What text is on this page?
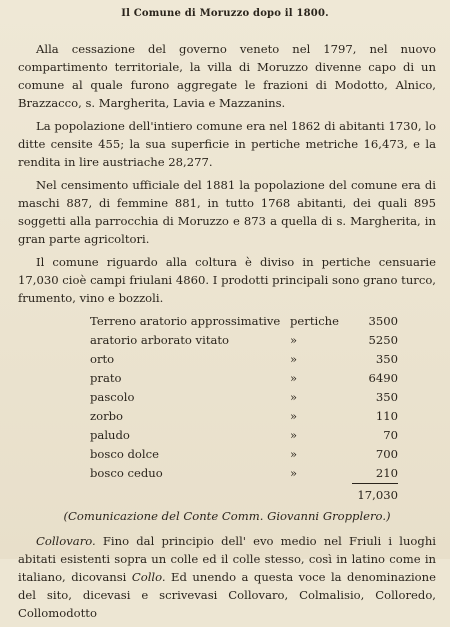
Il Comune di Moruzzo dopo il 1800.

Alla cessazione del governo veneto nel 1797, nel nuovo compartimento territoriale, la villa di Moruzzo divenne capo di un comune al quale furono aggregate le frazioni di Modotto, Alnico, Brazzacco, s. Margherita, Lavia e Mazzanins.

La popolazione dell'intiero comune era nel 1862 di abitanti 1730, lo ditte censite 455; la sua superficie in pertiche metriche 16,473, e la rendita in lire austriache 28,277.

Nel censimento ufficiale del 1881 la popolazione del comune era di maschi 887, di femmine 881, in tutto 1768 abitanti, dei quali 895 soggetti alla parrocchia di Moruzzo e 873 a quella di s. Margherita, in gran parte agricoltori.

Il comune riguardo alla coltura è diviso in pertiche censuarie 17,030 cioè campi friulani 4860. I prodotti principali sono grano turco, frumento, vino e bozzoli.

Terreno aratorio approssimative	pertiche	3500
aratorio arborato vitato	»	5250
orto	»	350
prato	»	6490
pascolo	»	350
zorbo	»	110
paludo	»	70
bosco dolce	»	700
bosco ceduo	»	210
		17,030
(Comunicazione del Conte Comm. Giovanni Gropplero.)

Collovaro. Fino dal principio dell' evo medio nel Friuli i luoghi abitati esistenti sopra un colle ed il colle stesso, così in latino come in italiano, dicovansi Collo. Ed unendo a questa voce la denominazione del sito, dicevasi e scrivevasi Collovaro, Colmalisio, Colloredo, Collomodotto
